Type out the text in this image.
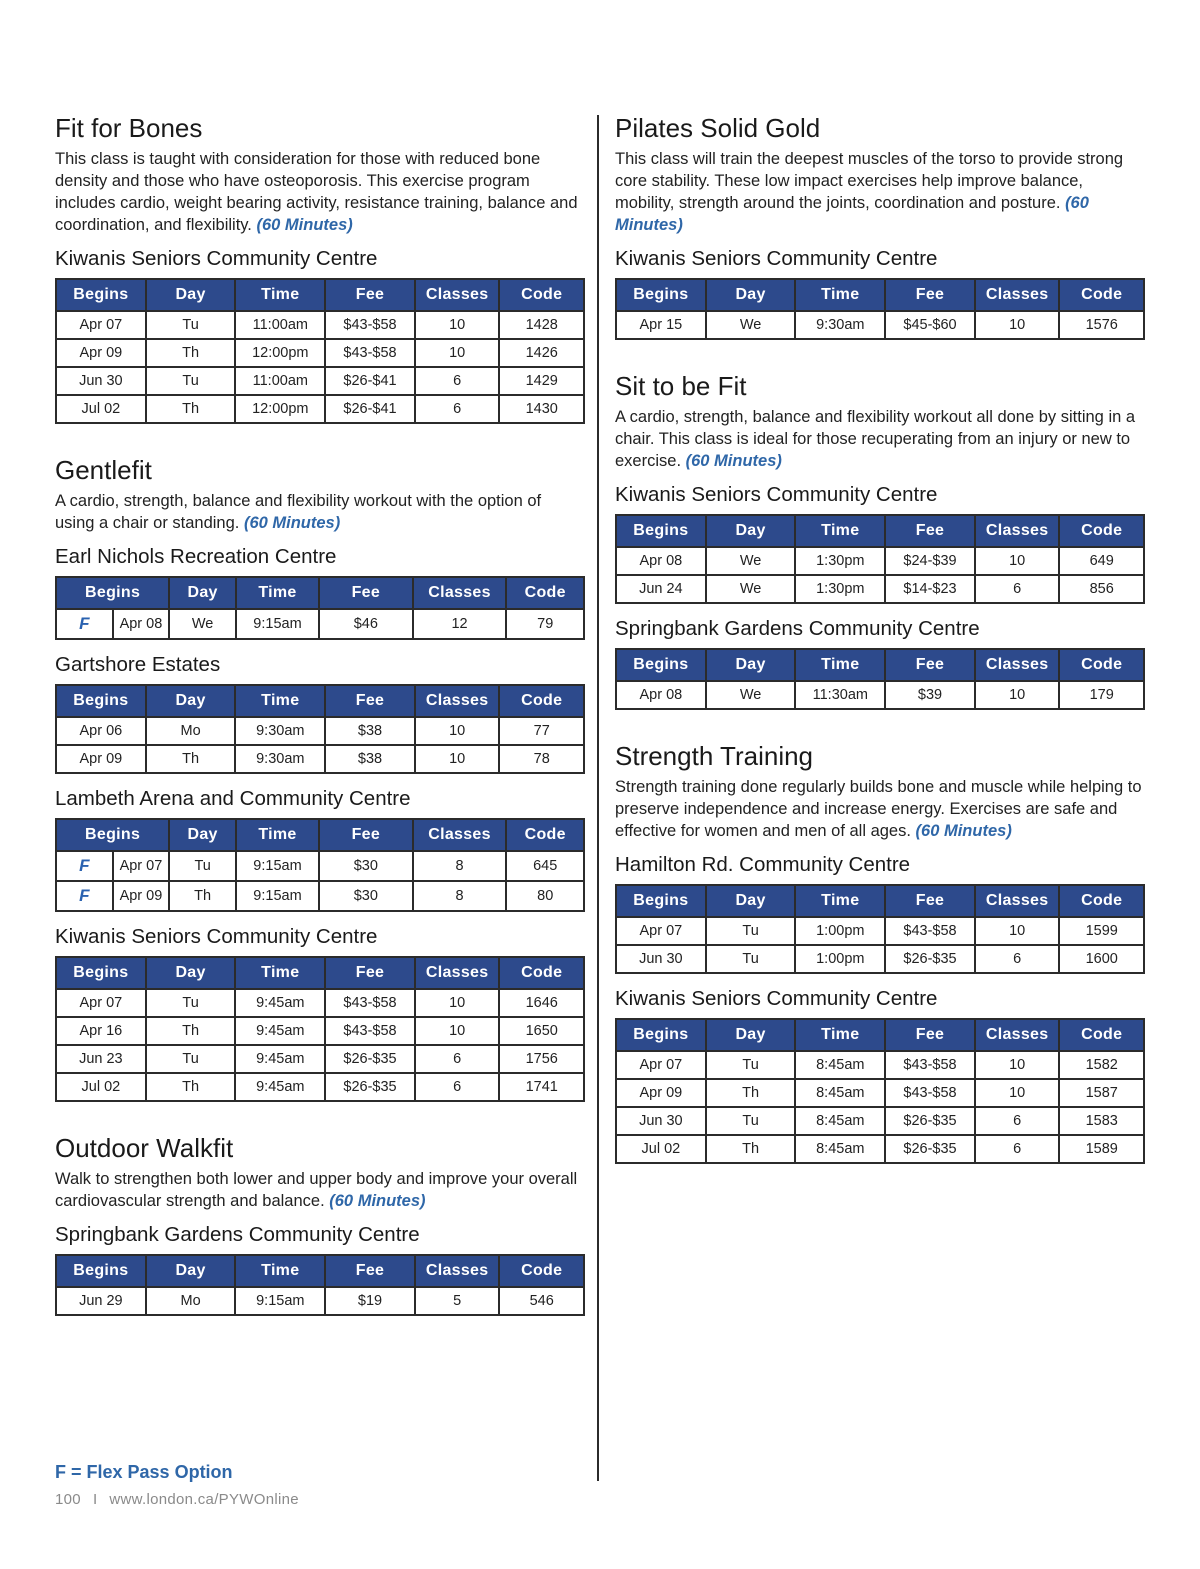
Fit for Bones

This class is taught with consideration for those with reduced bone density and those who have osteoporosis. This exercise program includes cardio, weight bearing activity, resistance training, balance and coordination, and flexibility. (60 Minutes)

Kiwanis Seniors Community Centre
Begins	Day	Time	Fee	Classes	Code
Apr 07	Tu	11:00am	$43-$58	10	1428
Apr 09	Th	12:00pm	$43-$58	10	1426
Jun 30	Tu	11:00am	$26-$41	6	1429
Jul 02	Th	12:00pm	$26-$41	6	1430
Gentlefit

A cardio, strength, balance and flexibility workout with the option of using a chair or standing. (60 Minutes)

Earl Nichols Recreation Centre
Begins		Day	Time	Fee	Classes	Code
F	Apr 08	We	9:15am	$46	12	79
Gartshore Estates
Begins	Day	Time	Fee	Classes	Code
Apr 06	Mo	9:30am	$38	10	77
Apr 09	Th	9:30am	$38	10	78
Lambeth Arena and Community Centre
Begins		Day	Time	Fee	Classes	Code
F	Apr 07	Tu	9:15am	$30	8	645
F	Apr 09	Th	9:15am	$30	8	80
Kiwanis Seniors Community Centre
Begins	Day	Time	Fee	Classes	Code
Apr 07	Tu	9:45am	$43-$58	10	1646
Apr 16	Th	9:45am	$43-$58	10	1650
Jun 23	Tu	9:45am	$26-$35	6	1756
Jul 02	Th	9:45am	$26-$35	6	1741
Outdoor Walkfit

Walk to strengthen both lower and upper body and improve your overall cardiovascular strength and balance. (60 Minutes)

Springbank Gardens Community Centre
Begins	Day	Time	Fee	Classes	Code
Jun 29	Mo	9:15am	$19	5	546
Pilates Solid Gold

This class will train the deepest muscles of the torso to provide strong core stability. These low impact exercises help improve balance, mobility, strength around the joints, coordination and posture. (60 Minutes)

Kiwanis Seniors Community Centre
Begins	Day	Time	Fee	Classes	Code
Apr 15	We	9:30am	$45-$60	10	1576
Sit to be Fit

A cardio, strength, balance and flexibility workout all done by sitting in a chair. This class is ideal for those recuperating from an injury or new to exercise. (60 Minutes)

Kiwanis Seniors Community Centre
Begins	Day	Time	Fee	Classes	Code
Apr 08	We	1:30pm	$24-$39	10	649
Jun 24	We	1:30pm	$14-$23	6	856
Springbank Gardens Community Centre
Begins	Day	Time	Fee	Classes	Code
Apr 08	We	11:30am	$39	10	179
Strength Training

Strength training done regularly builds bone and muscle while helping to preserve independence and increase energy. Exercises are safe and effective for women and men of all ages. (60 Minutes)

Hamilton Rd. Community Centre
Begins	Day	Time	Fee	Classes	Code
Apr 07	Tu	1:00pm	$43-$58	10	1599
Jun 30	Tu	1:00pm	$26-$35	6	1600
Kiwanis Seniors Community Centre
Begins	Day	Time	Fee	Classes	Code
Apr 07	Tu	8:45am	$43-$58	10	1582
Apr 09	Th	8:45am	$43-$58	10	1587
Jun 30	Tu	8:45am	$26-$35	6	1583
Jul 02	Th	8:45am	$26-$35	6	1589
F = Flex Pass Option
100 I www.london.ca/PYWOnline
